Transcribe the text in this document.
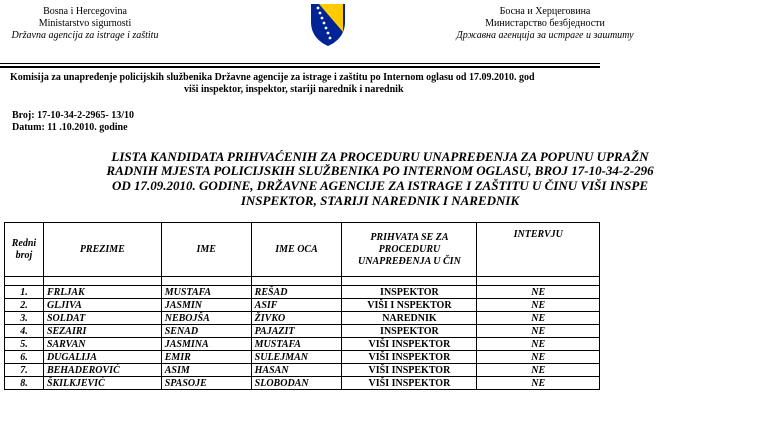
Bosna i Hercegovina
Ministarstvo sigurnosti
Državna agencija za istrage i zaštitu
Босна и Херцеговина
Министарство безбједности
Државна агенција за истраге и заштиту
Komisija za unapređenje policijskih službenika Državne agencije za istrage i zaštitu po Internom oglasu od 17.09.2010. god
viši inspektor, inspektor, stariji narednik i narednik
Broj: 17-10-34-2-2965- 13/10
Datum: 11 .10.2010. godine
LISTA KANDIDATA PRIHVAĆENIH ZA PROCEDURU UNAPREĐENJA ZA POPUNU UPRAŽN
RADNIH MJESTA POLICIJSKIH SLUŽBENIKA PO INTERNOM OGLASU, BROJ 17-10-34-2-296
OD 17.09.2010. GODINE, DRŽAVNE AGENCIJE ZA ISTRAGE I ZAŠTITU U ČINU VIŠI INSPE
INSPEKTOR, STARIJI NAREDNIK I NAREDNIK
Redni broj	PREZIME	IME	IME OCA	PRIHVATA SE ZA PROCEDURU UNAPREĐENJA U ČIN	INTERVJU

1.	FRLJAK	MUSTAFA	REŠAD	INSPEKTOR	NE
2.	GLJIVA	JASMIN	ASIF	VIŠI I NSPEKTOR	NE
3.	SOLDAT	NEBOJŠA	ŽIVKO	NAREDNIK	NE
4.	SEZAIRI	SENAD	PAJAZIT	INSPEKTOR	NE
5.	SARVAN	JASMINA	MUSTAFA	VIŠI INSPEKTOR	NE
6.	DUGALIJA	EMIR	SULEJMAN	VIŠI INSPEKTOR	NE
7.	BEHADEROVIĆ	ASIM	HASAN	VIŠI INSPEKTOR	NE
8.	ŠKILKJEVIĆ	SPASOJE	SLOBODAN	VIŠI INSPEKTOR	NE
